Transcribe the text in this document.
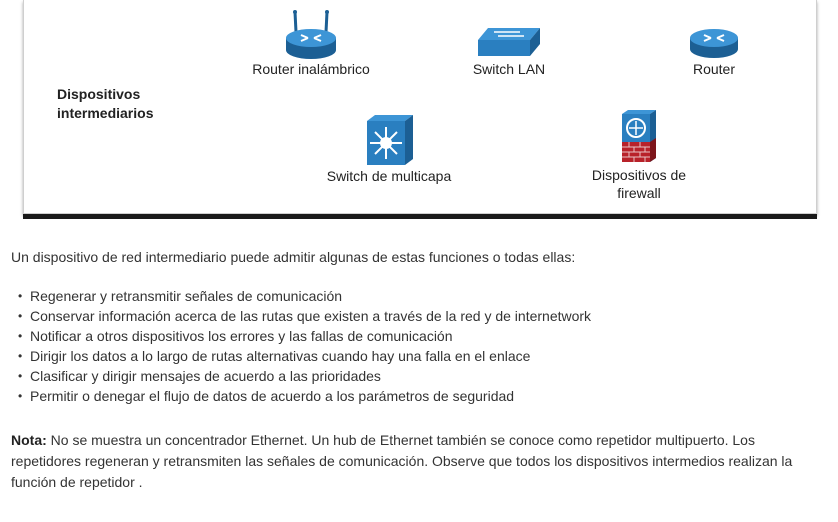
Dispositivos intermediarios
Router inalámbrico	Switch LAN	Router
Switch de multicapa	Dispositivos de firewall
Un dispositivo de red intermediario puede admitir algunas de estas funciones o todas ellas:
• Regenerar y retransmitir señales de comunicación
• Conservar información acerca de las rutas que existen a través de la red y de internetwork
• Notificar a otros dispositivos los errores y las fallas de comunicación
• Dirigir los datos a lo largo de rutas alternativas cuando hay una falla en el enlace
• Clasificar y dirigir mensajes de acuerdo a las prioridades
• Permitir o denegar el flujo de datos de acuerdo a los parámetros de seguridad
Nota: No se muestra un concentrador Ethernet. Un hub de Ethernet también se conoce como repetidor multipuerto. Los repetidores regeneran y retransmiten las señales de comunicación. Observe que todos los dispositivos intermedios realizan la función de repetidor .
